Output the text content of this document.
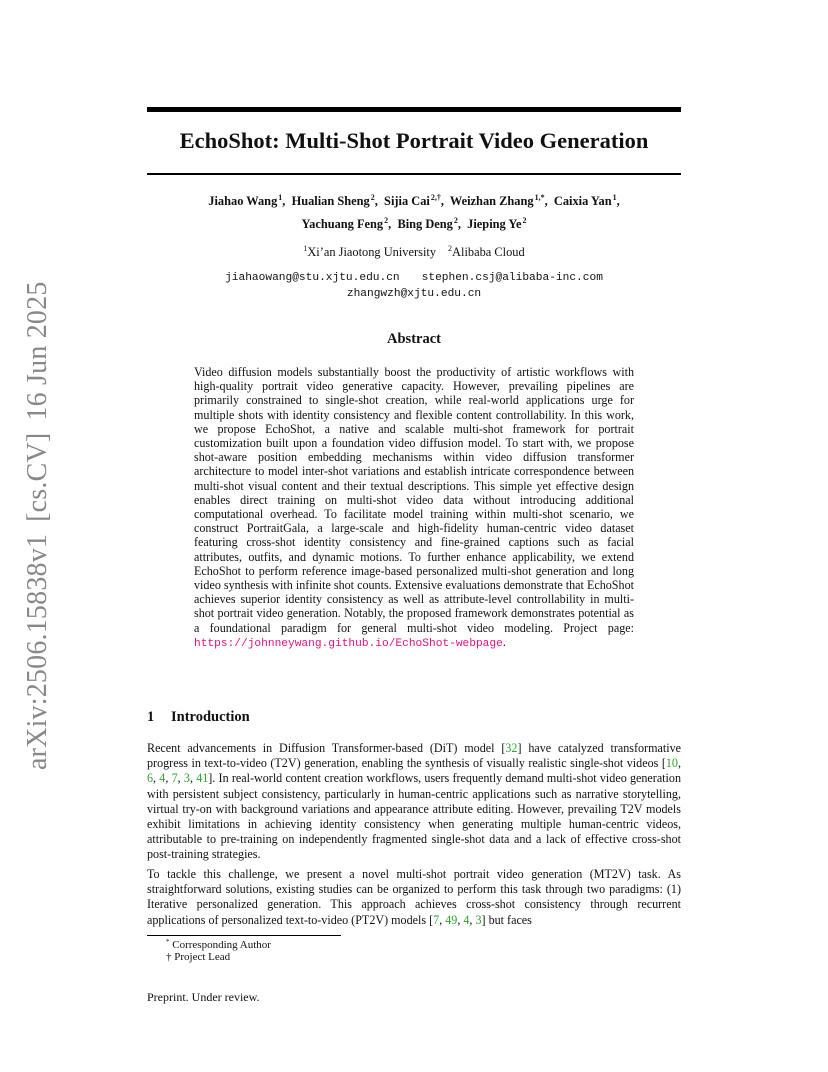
arXiv:2506.15838v1[cs.CV]16 Jun 2025
EchoShot: Multi-Shot Portrait Video Generation
Jiahao Wang$^1$,  Hualian Sheng$^2$,  Sijia Cai$^{2,\dagger}$,  Weizhan Zhang$^{1,*}$,  Caixia Yan$^1$,
Yachuang Feng$^2$,  Bing Deng$^2$,  Jieping Ye$^2$
$^1$Xi’an Jiaotong University $^2$Alibaba Cloud
jiahaowang@stu.xjtu.edu.cn stephen.csj@alibaba-inc.com
zhangwzh@xjtu.edu.cn
Abstract
Video diffusion models substantially boost the productivity of artistic workflows with high-quality portrait video generative capacity. However, prevailing pipelines are primarily constrained to single-shot creation, while real-world applications urge for multiple shots with identity consistency and flexible content controllability. In this work, we propose EchoShot, a native and scalable multi-shot framework for portrait customization built upon a foundation video diffusion model. To start with, we propose shot-aware position embedding mechanisms within video diffusion transformer architecture to model inter-shot variations and establish intricate correspondence between multi-shot visual content and their textual descriptions. This simple yet effective design enables direct training on multi-shot video data without introducing additional computational overhead. To facilitate model training within multi-shot scenario, we construct PortraitGala, a large-scale and high-fidelity human-centric video dataset featuring cross-shot identity consistency and fine-grained captions such as facial attributes, outfits, and dynamic motions. To further enhance applicability, we extend EchoShot to perform reference image-based personalized multi-shot generation and long video synthesis with infinite shot counts. Extensive evaluations demonstrate that EchoShot achieves superior identity consistency as well as attribute-level controllability in multi-shot portrait video generation. Notably, the proposed framework demonstrates potential as a foundational paradigm for general multi-shot video modeling. Project page: https://johnneywang.github.io/EchoShot-webpage.
1 Introduction
Recent advancements in Diffusion Transformer-based (DiT) model [32] have catalyzed transformative progress in text-to-video (T2V) generation, enabling the synthesis of visually realistic single-shot videos [10, 6, 4, 7, 3, 41]. In real-world content creation workflows, users frequently demand multi-shot video generation with persistent subject consistency, particularly in human-centric applications such as narrative storytelling, virtual try-on with background variations and appearance attribute editing. However, prevailing T2V models exhibit limitations in achieving identity consistency when generating multiple human-centric videos, attributable to pre-training on independently fragmented single-shot data and a lack of effective cross-shot post-training strategies.
To tackle this challenge, we present a novel multi-shot portrait video generation (MT2V) task. As straightforward solutions, existing studies can be organized to perform this task through two paradigms: (1) Iterative personalized generation. This approach achieves cross-shot consistency through recurrent applications of personalized text-to-video (PT2V) models [7, 49, 4, 3] but faces
* Corresponding Author
† Project Lead
Preprint. Under review.
